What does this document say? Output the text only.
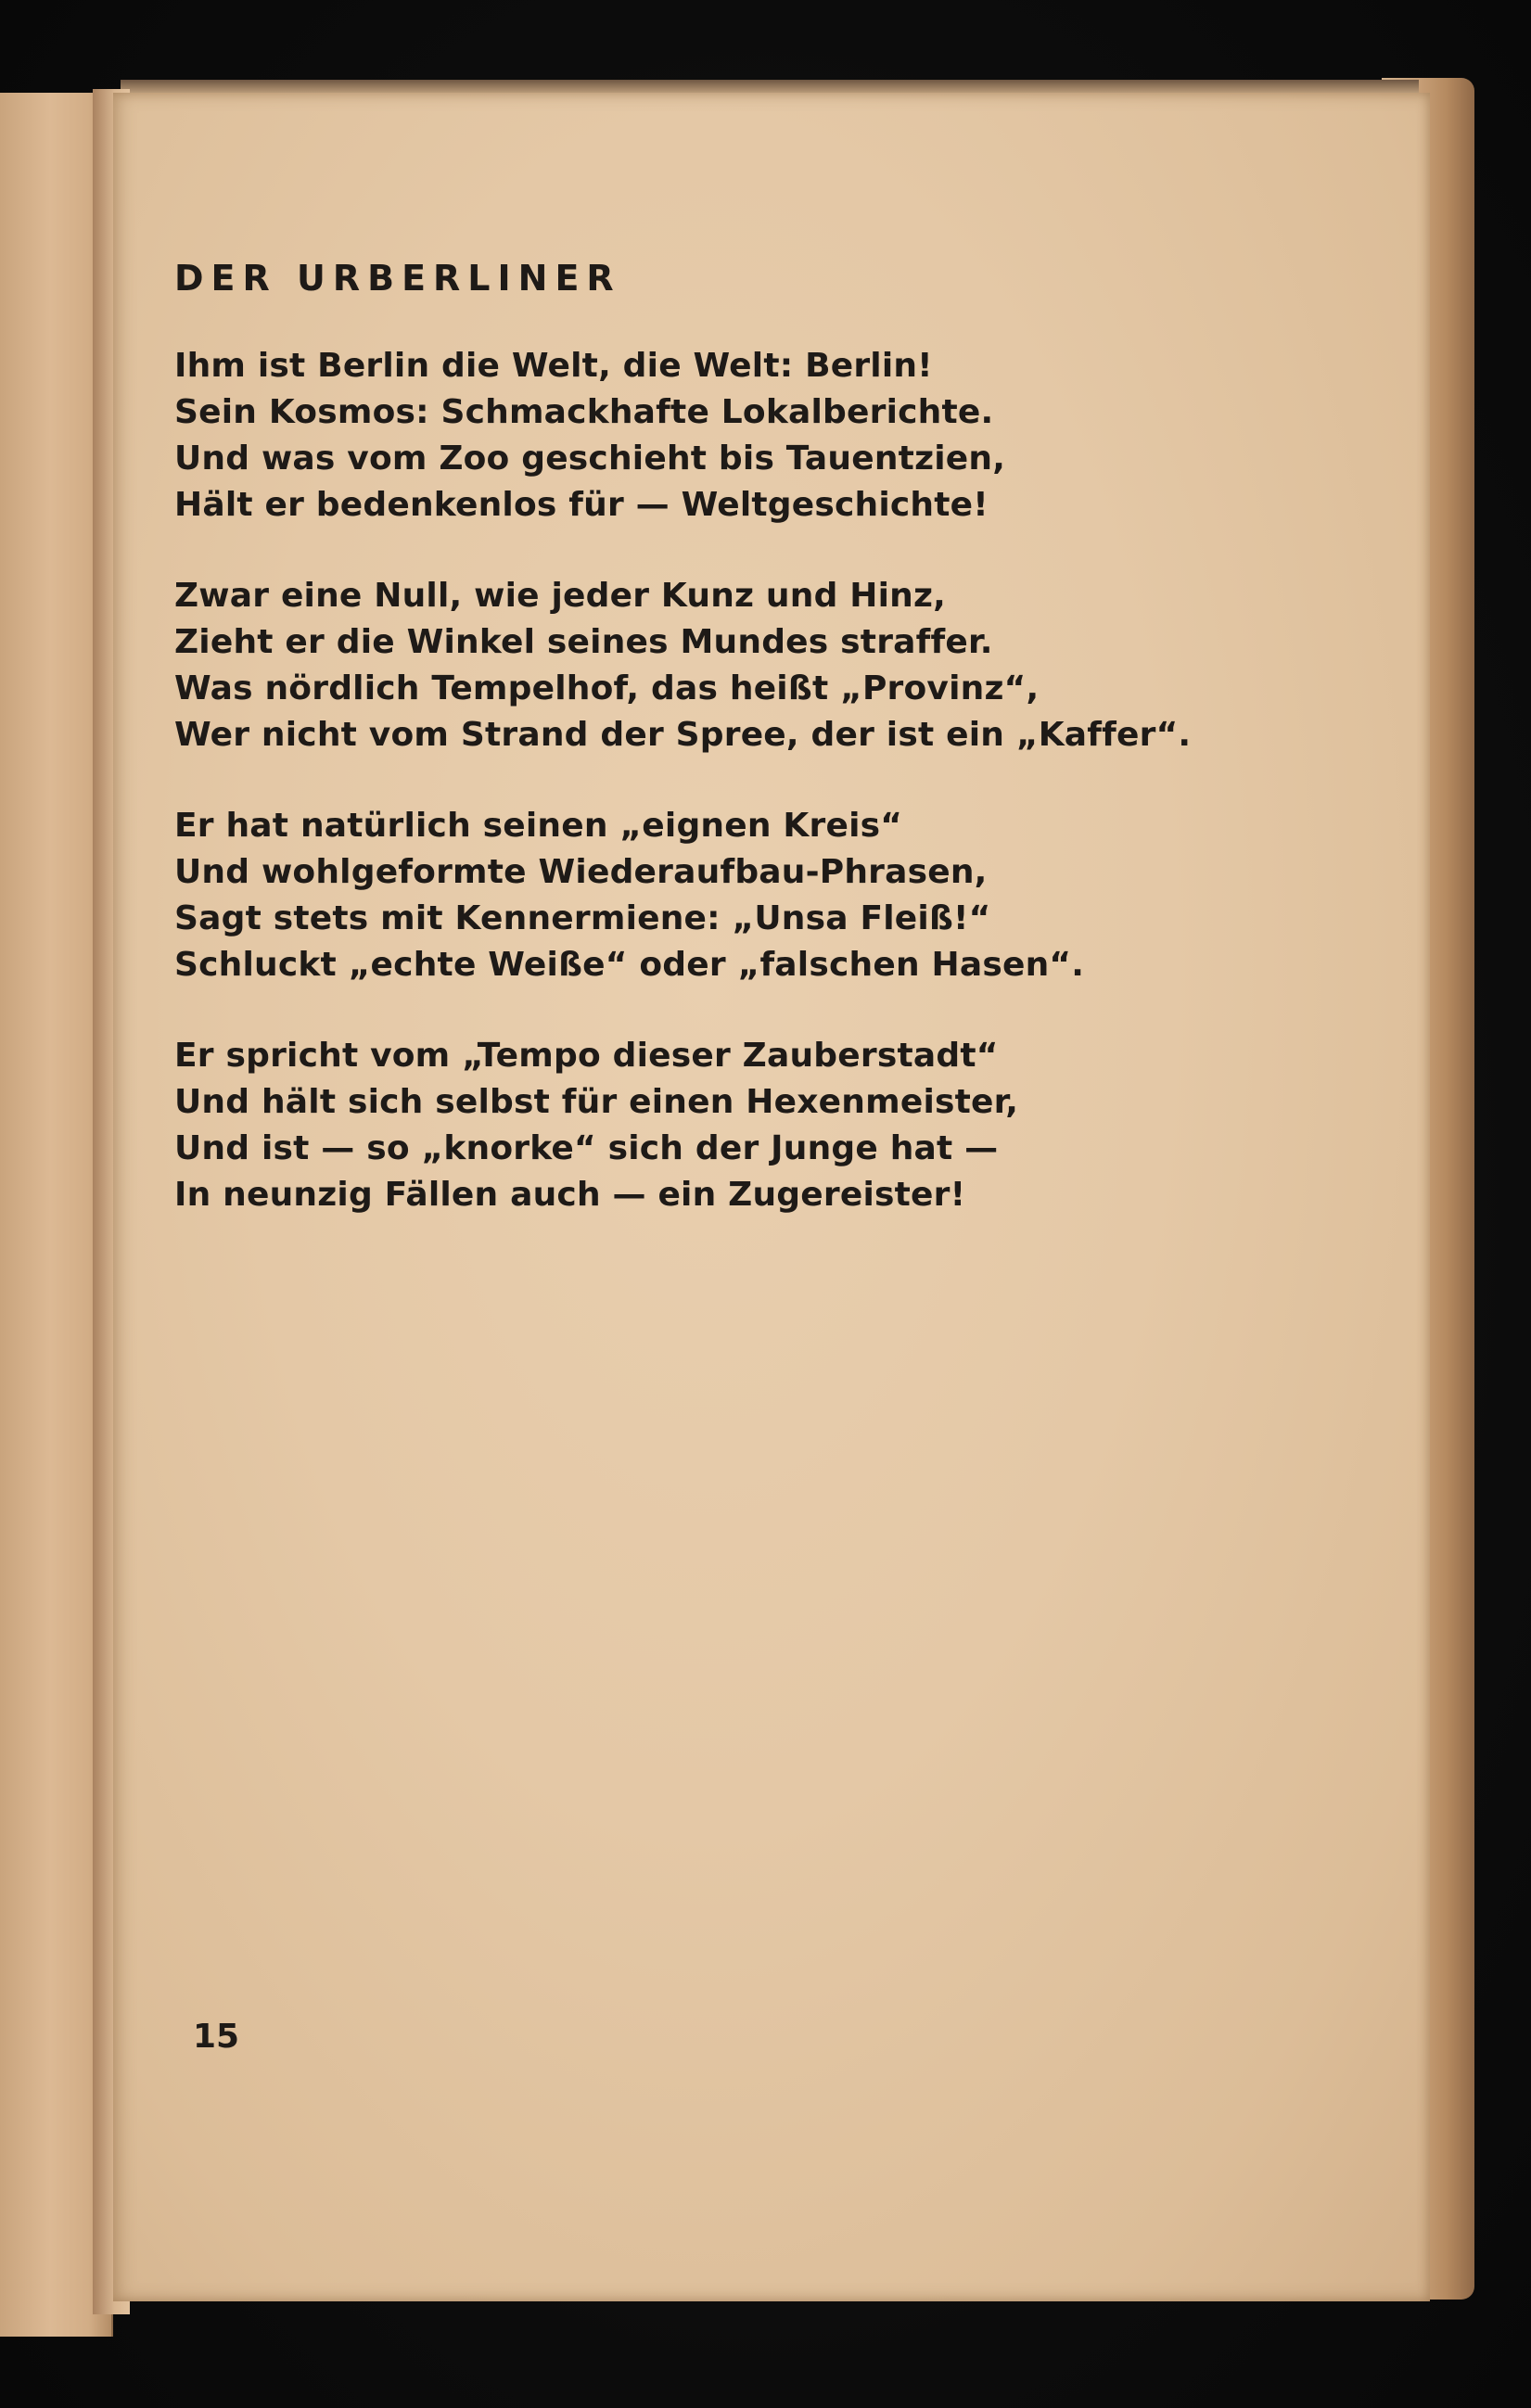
DER URBERLINER
Ihm ist Berlin die Welt, die Welt: Berlin!
Sein Kosmos: Schmackhafte Lokalberichte.
Und was vom Zoo geschieht bis Tauentzien,
Hält er bedenkenlos für — Weltgeschichte!
Zwar eine Null, wie jeder Kunz und Hinz,
Zieht er die Winkel seines Mundes straffer.
Was nördlich Tempelhof, das heißt „Provinz“,
Wer nicht vom Strand der Spree, der ist ein „Kaffer“.
Er hat natürlich seinen „eignen Kreis“
Und wohlgeformte Wiederaufbau-Phrasen,
Sagt stets mit Kennermiene: „Unsa Fleiß!“
Schluckt „echte Weiße“ oder „falschen Hasen“.
Er spricht vom „Tempo dieser Zauberstadt“
Und hält sich selbst für einen Hexenmeister,
Und ist — so „knorke“ sich der Junge hat —
In neunzig Fällen auch — ein Zugereister!
15
